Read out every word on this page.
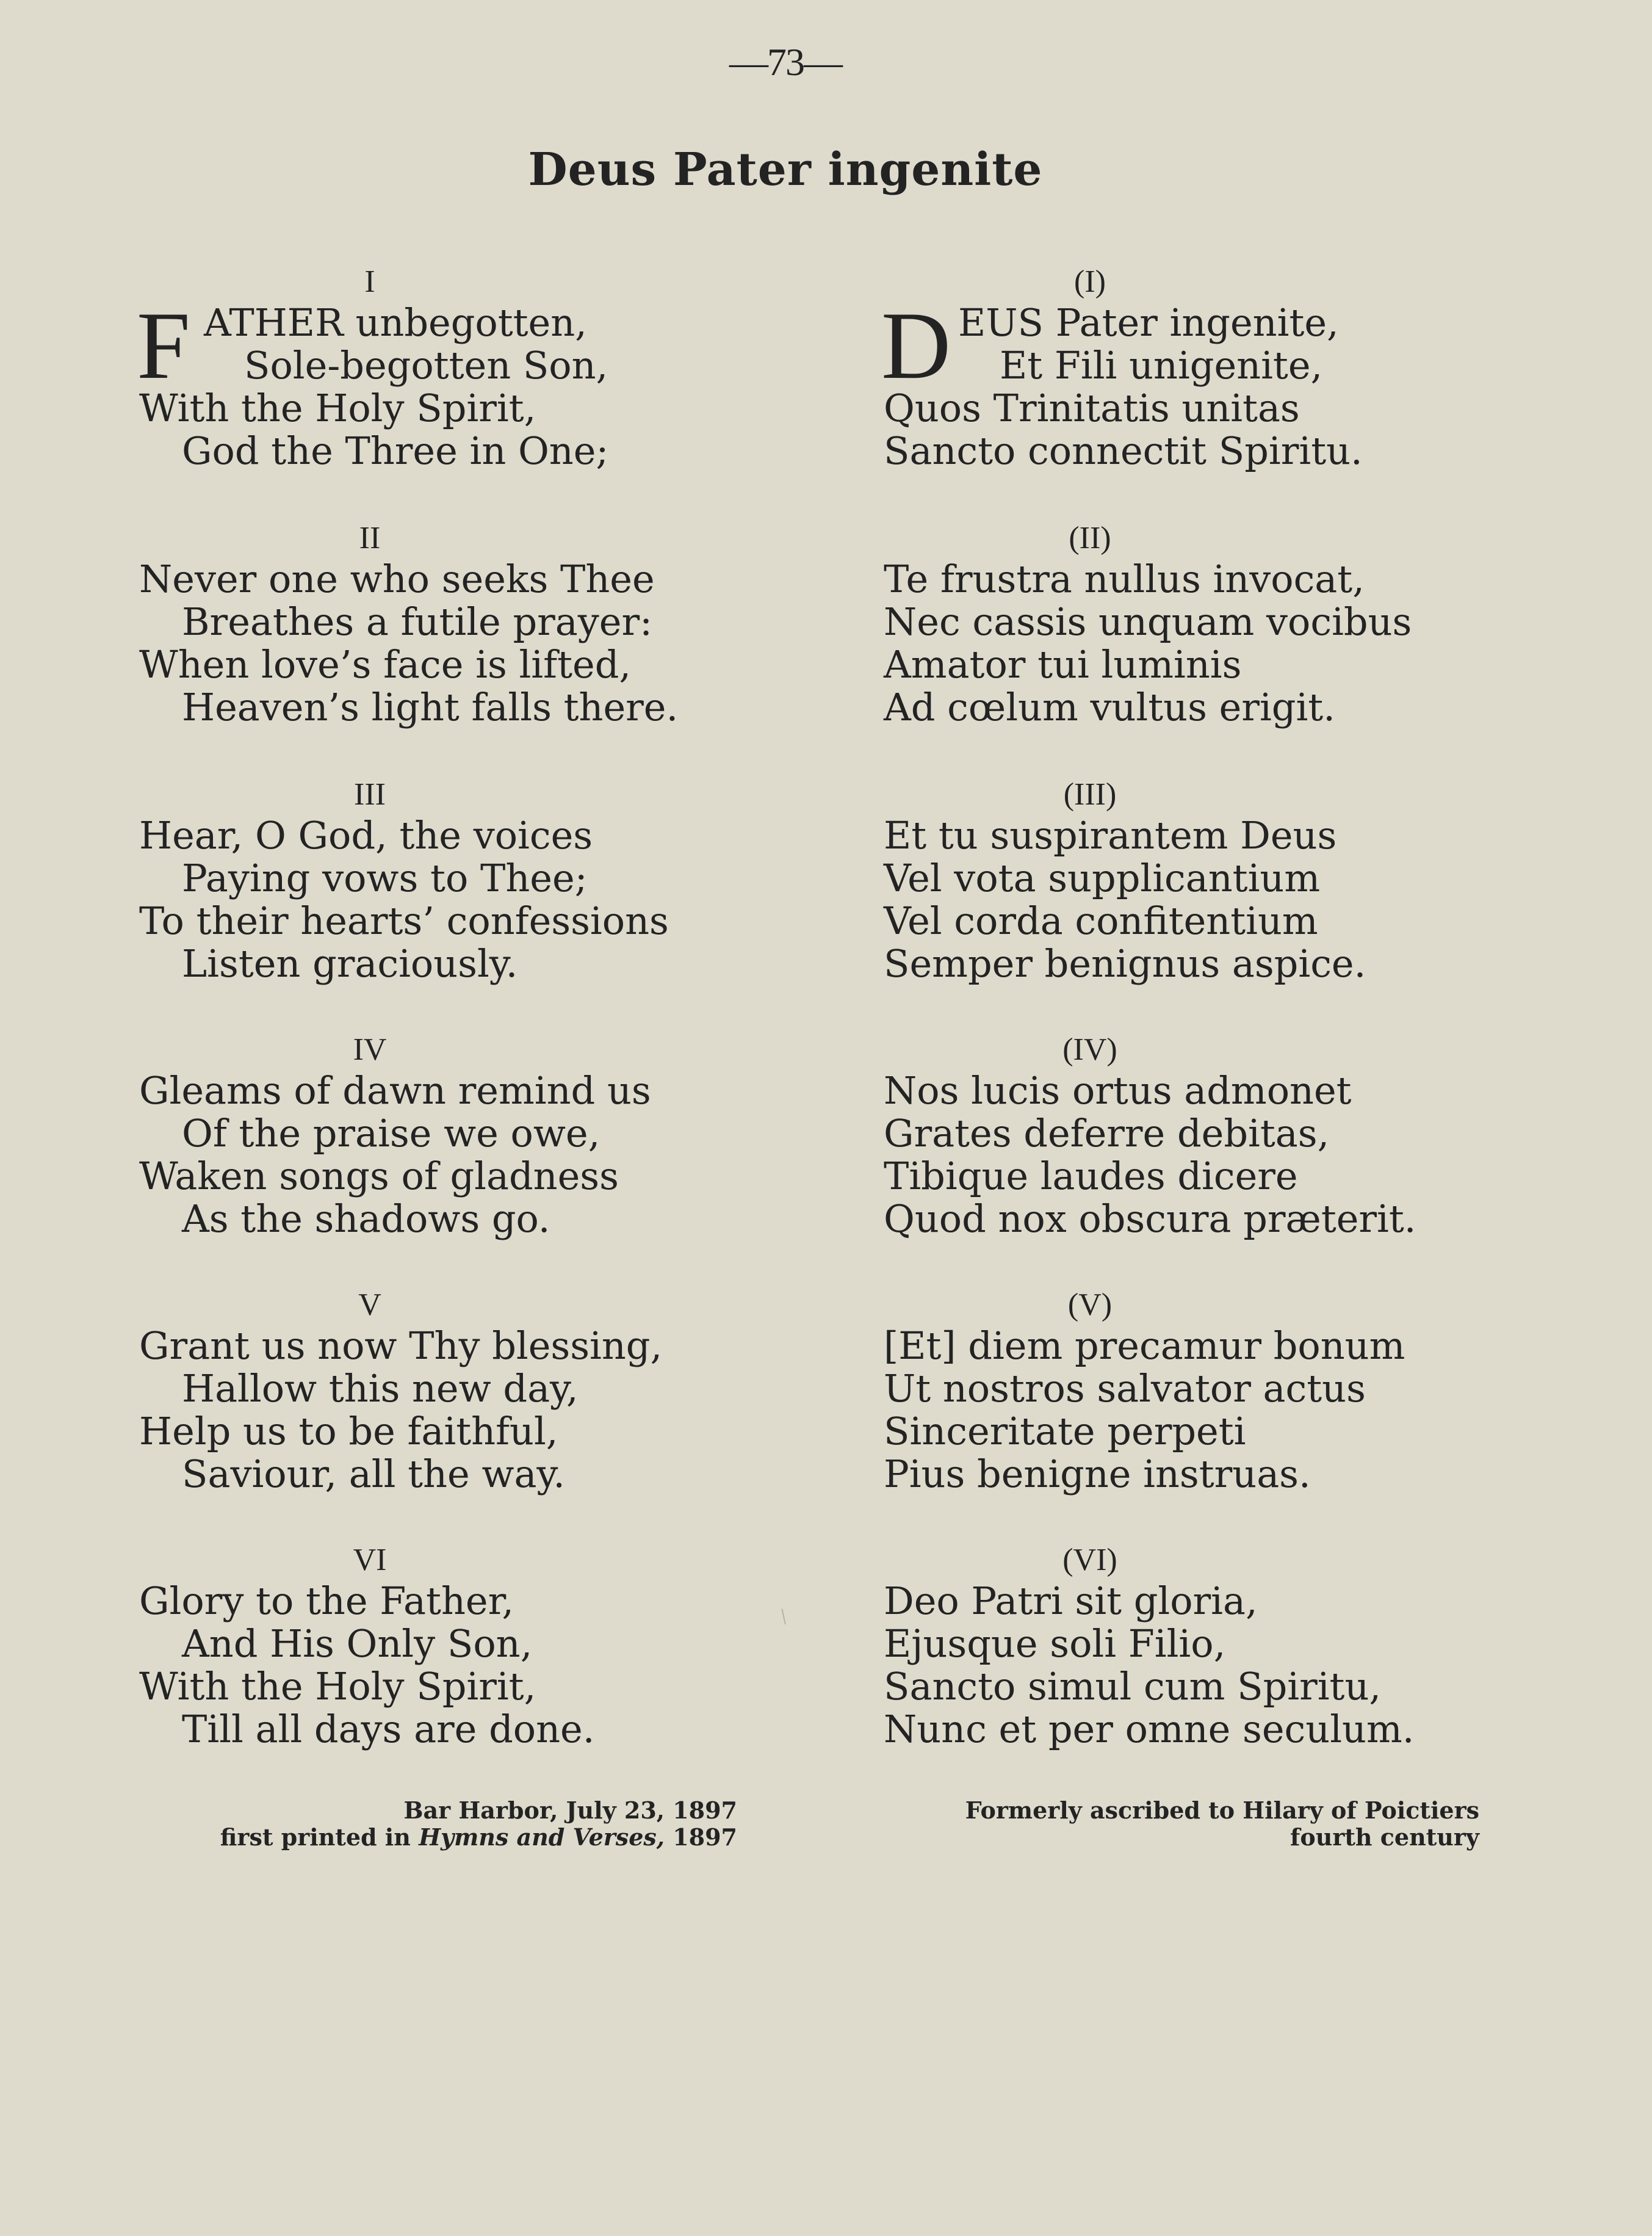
—73—
Deus Pater ingenite
I
F ATHER unbegotten,
Sole-begotten Son,
With the Holy Spirit,
God the Three in One;
II
Never one who seeks Thee
Breathes a futile prayer:
When love’s face is lifted,
Heaven’s light falls there.
III
Hear, O God, the voices
Paying vows to Thee;
To their hearts’ confessions
Listen graciously.
IV
Gleams of dawn remind us
Of the praise we owe,
Waken songs of gladness
As the shadows go.
V
Grant us now Thy blessing,
Hallow this new day,
Help us to be faithful,
Saviour, all the way.
VI
Glory to the Father,
And His Only Son,
With the Holy Spirit,
Till all days are done.
(I)
D EUS Pater ingenite,
Et Fili unigenite,
Quos Trinitatis unitas
Sancto connectit Spiritu.
(II)
Te frustra nullus invocat,
Nec cassis unquam vocibus
Amator tui luminis
Ad cœlum vultus erigit.
(III)
Et tu suspirantem Deus
Vel vota supplicantium
Vel corda confitentium
Semper benignus aspice.
(IV)
Nos lucis ortus admonet
Grates deferre debitas,
Tibique laudes dicere
Quod nox obscura præterit.
(V)
[Et] diem precamur bonum
Ut nostros salvator actus
Sinceritate perpeti
Pius benigne instruas.
(VI)
Deo Patri sit gloria,
Ejusque soli Filio,
Sancto simul cum Spiritu,
Nunc et per omne seculum.
Bar Harbor, July 23, 1897
first printed in Hymns and Verses, 1897
Formerly ascribed to Hilary of Poictiers
fourth century
